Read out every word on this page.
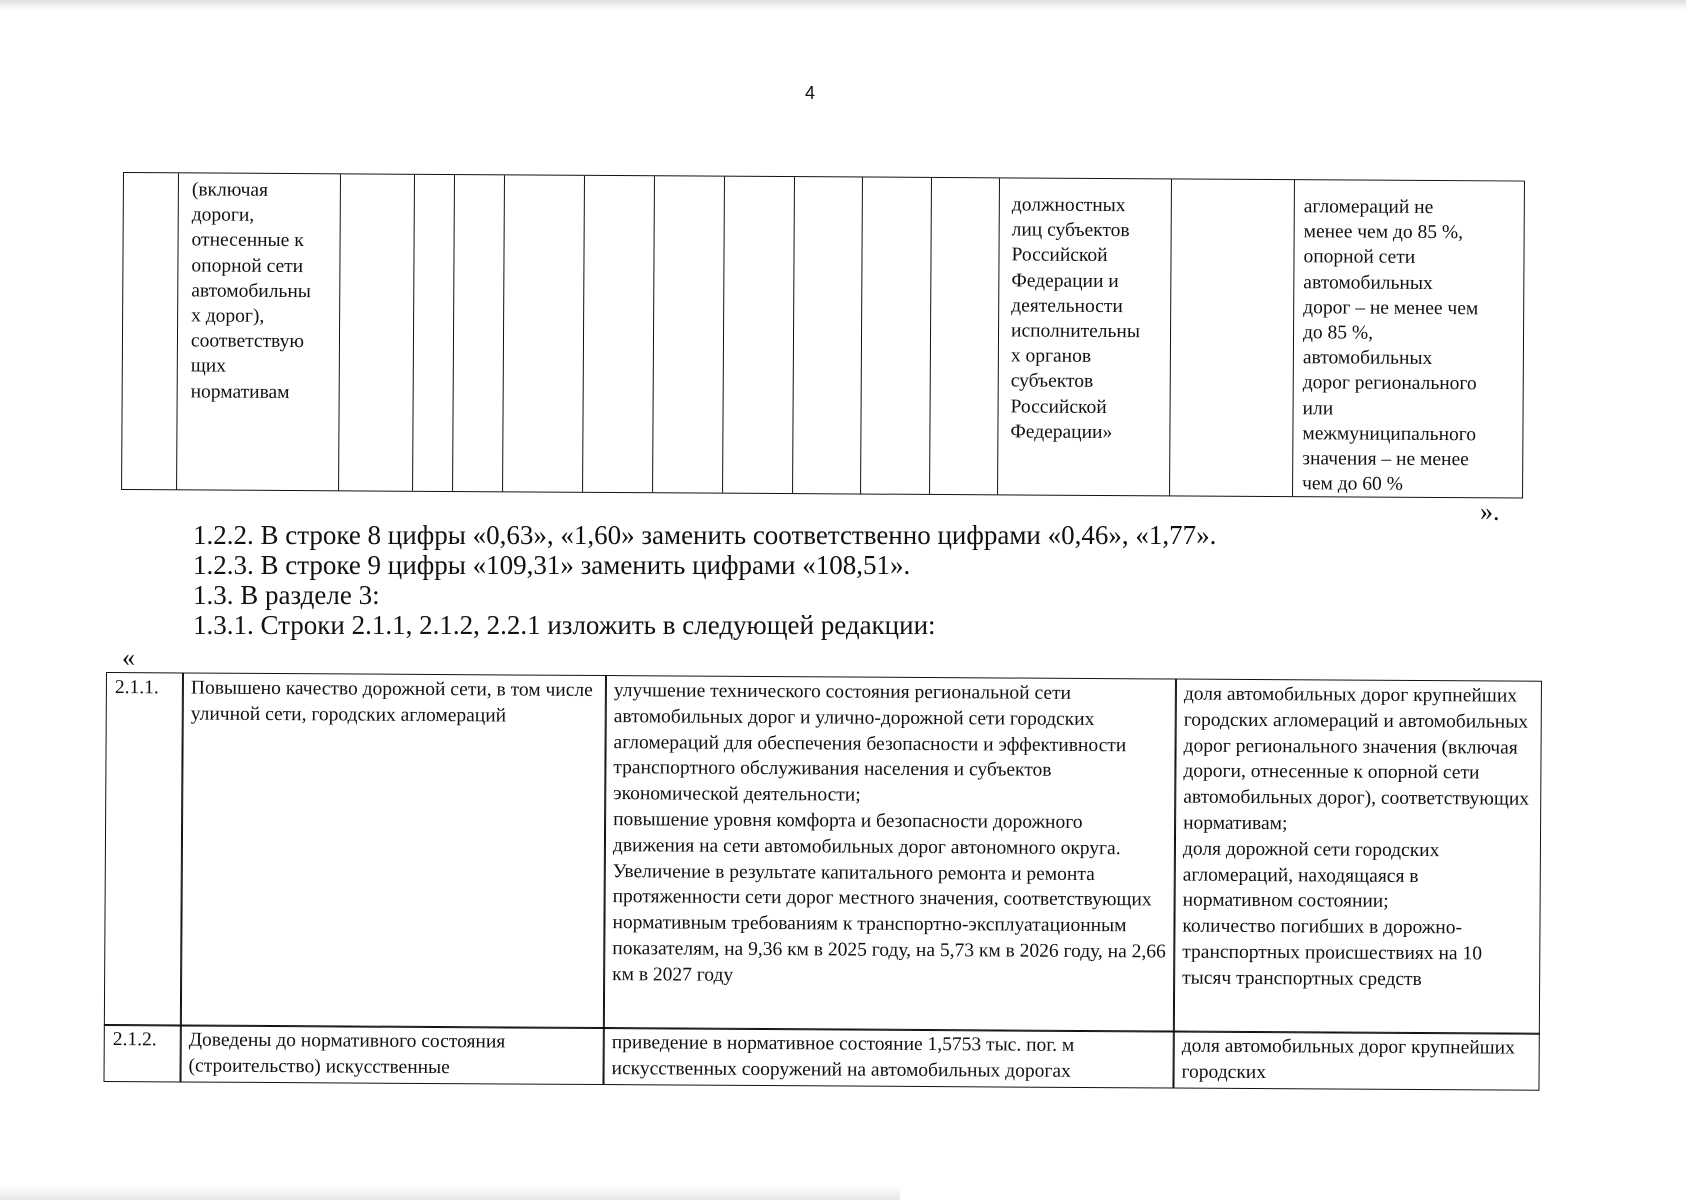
4
(включая
дороги,
отнесенные к
опорной сети
автомобильны
х дорог),
соответствую
щих
нормативам
должностных
лиц субъектов
Российской
Федерации и
деятельности
исполнительны
х органов
субъектов
Российской
Федерации»
агломераций не
менее чем до 85 %,
опорной сети
автомобильных
дорог – не менее чем
до 85 %,
автомобильных
дорог регионального
или
межмуниципального
значения – не менее
чем до 60 %
».
1.2.2. В строке 8 цифры «0,63», «1,60» заменить соответственно цифрами «0,46», «1,77».
1.2.3. В строке 9 цифры «109,31» заменить цифрами «108,51».
1.3. В разделе 3:
1.3.1. Строки 2.1.1, 2.1.2, 2.2.1 изложить в следующей редакции:
«
2.1.1.	Повышено качество дорожной сети, в том числе уличной сети, городских агломераций
улучшение технического состояния региональной сети автомобильных дорог и улично-дорожной сети городских агломераций для обеспечения безопасности и эффективности транспортного обслуживания населения и субъектов экономической деятельности;
повышение уровня комфорта и безопасности дорожного движения на сети автомобильных дорог автономного округа. Увеличение в результате капитального ремонта и ремонта протяженности сети дорог местного значения, соответствующих нормативным требованиям к транспортно-эксплуатационным показателям, на 9,36 км в 2025 году, на 5,73 км в 2026 году, на 2,66 км в 2027 году
доля автомобильных дорог крупнейших городских агломераций и автомобильных дорог регионального значения (включая дороги, отнесенные к опорной сети автомобильных дорог), соответствующих нормативам;
доля дорожной сети городских агломераций, находящаяся в нормативном состоянии;
количество погибших в дорожно-транспортных происшествиях на 10 тысяч транспортных средств
2.1.2.	Доведены до нормативного состояния (строительство) искусственные
приведение в нормативное состояние 1,5753 тыс. пог. м искусственных сооружений на автомобильных дорогах
доля автомобильных дорог крупнейших городских
